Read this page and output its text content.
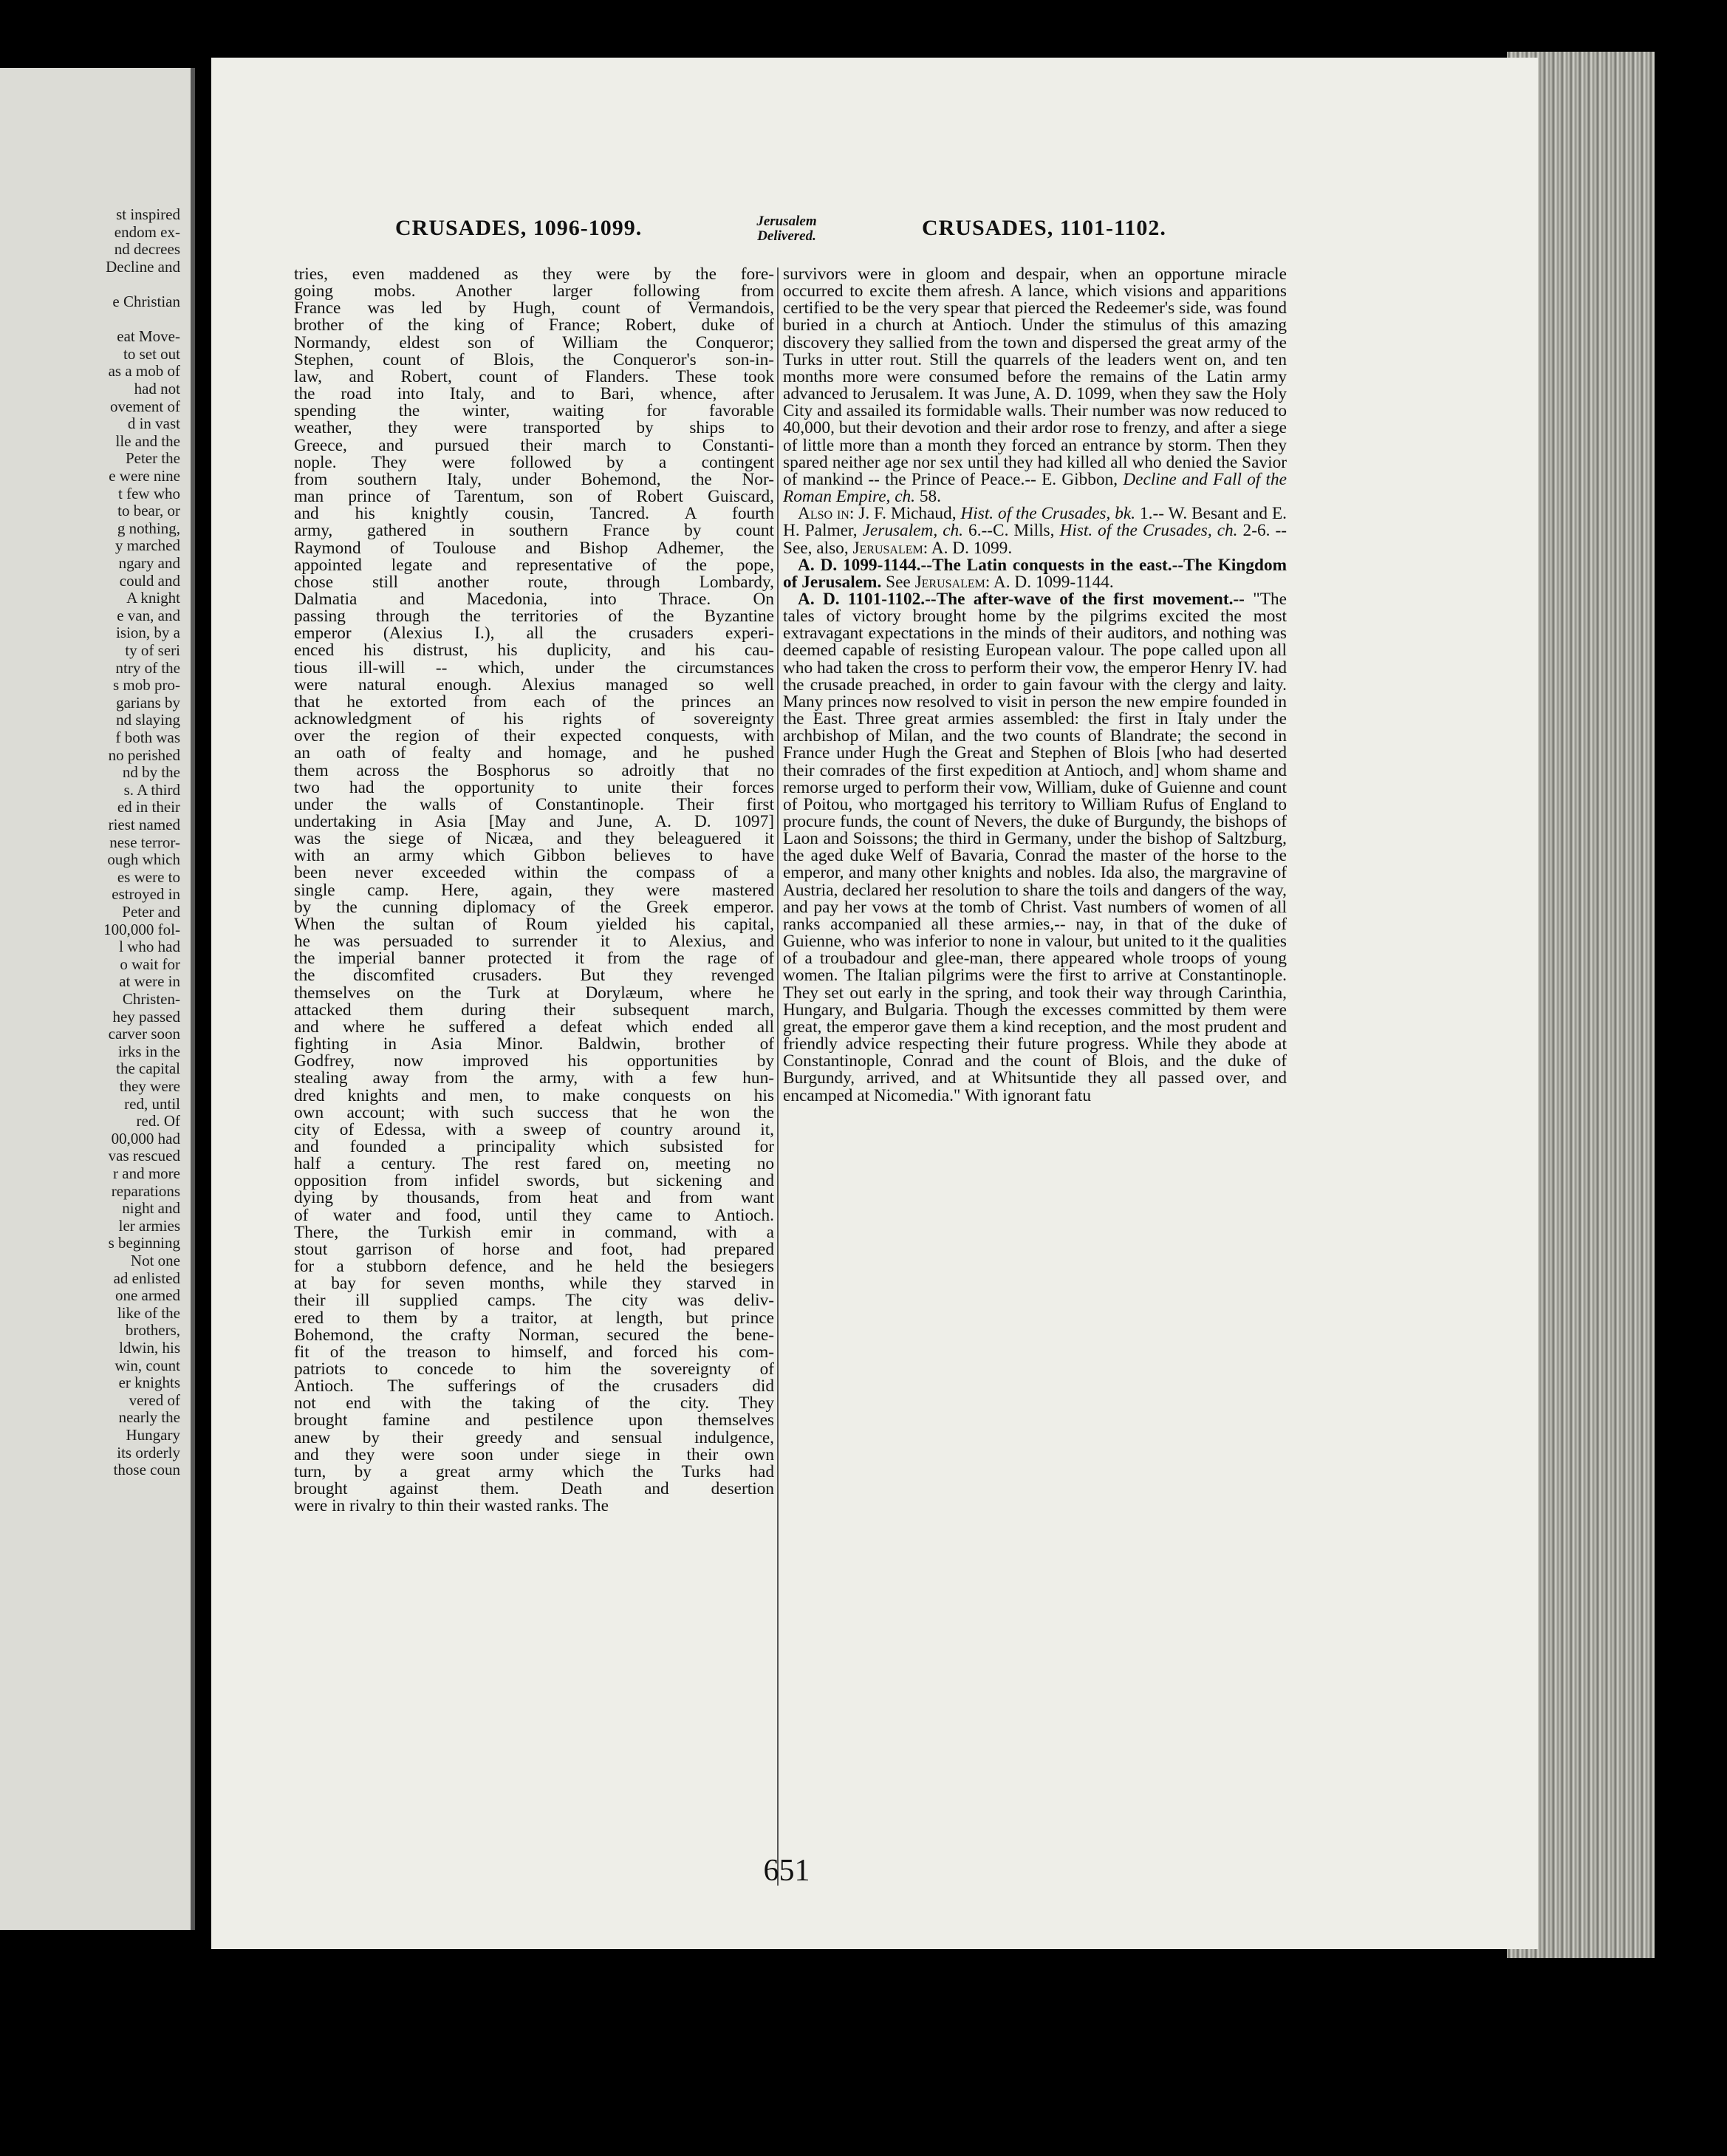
st inspired
endom ex-
nd decrees
Decline and
e Christian
eat Move-
to set out
as a mob of
had not
ovement of
d in vast
lle and the
Peter the
e were nine
t few who
to bear, or
g nothing,
y marched
ngary and
could and
A knight
e van, and
ision, by a
ty of seri
ntry of the
s mob pro-
garians by
nd slaying
f both was
no perished
nd by the
s. A third
ed in their
riest named
nese terror-
ough which
es were to
estroyed in
Peter and
100,000 fol-
l who had
o wait for
at were in
Christen-
hey passed
carver soon
irks in the
the capital
they were
red, until
red. Of
00,000 had
vas rescued
r and more
reparations
night and
ler armies
s beginning
Not one
ad enlisted
one armed
like of the
brothers,
ldwin, his
win, count
er knights
vered of
nearly the
Hungary
its orderly
those coun
CRUSADES, 1096-1099.	Jerusalem
Delivered.	CRUSADES, 1101-1102.
tries, even maddened as they were by the fore-
going mobs. Another larger following from
France was led by Hugh, count of Vermandois,
brother of the king of France; Robert, duke of
Normandy, eldest son of William the Conqueror;
Stephen, count of Blois, the Conqueror's son-in-
law, and Robert, count of Flanders. These took
the road into Italy, and to Bari, whence, after
spending the winter, waiting for favorable
weather, they were transported by ships to
Greece, and pursued their march to Constanti-
nople. They were followed by a contingent
from southern Italy, under Bohemond, the Nor-
man prince of Tarentum, son of Robert Guiscard,
and his knightly cousin, Tancred. A fourth
army, gathered in southern France by count
Raymond of Toulouse and Bishop Adhemer, the
appointed legate and representative of the pope,
chose still another route, through Lombardy,
Dalmatia and Macedonia, into Thrace. On
passing through the territories of the Byzantine
emperor (Alexius I.), all the crusaders experi-
enced his distrust, his duplicity, and his cau-
tious ill-will -- which, under the circumstances
were natural enough. Alexius managed so well
that he extorted from each of the princes an
acknowledgment of his rights of sovereignty
over the region of their expected conquests, with
an oath of fealty and homage, and he pushed
them across the Bosphorus so adroitly that no
two had the opportunity to unite their forces
under the walls of Constantinople. Their first
undertaking in Asia [May and June, A. D. 1097]
was the siege of Nicæa, and they beleaguered it
with an army which Gibbon believes to have
been never exceeded within the compass of a
single camp. Here, again, they were mastered
by the cunning diplomacy of the Greek emperor.
When the sultan of Roum yielded his capital,
he was persuaded to surrender it to Alexius, and
the imperial banner protected it from the rage of
the discomfited crusaders. But they revenged
themselves on the Turk at Dorylæum, where he
attacked them during their subsequent march,
and where he suffered a defeat which ended all
fighting in Asia Minor. Baldwin, brother of
Godfrey, now improved his opportunities by
stealing away from the army, with a few hun-
dred knights and men, to make conquests on his
own account; with such success that he won the
city of Edessa, with a sweep of country around it,
and founded a principality which subsisted for
half a century. The rest fared on, meeting no
opposition from infidel swords, but sickening and
dying by thousands, from heat and from want
of water and food, until they came to Antioch.
There, the Turkish emir in command, with a
stout garrison of horse and foot, had prepared
for a stubborn defence, and he held the besiegers
at bay for seven months, while they starved in
their ill supplied camps. The city was deliv-
ered to them by a traitor, at length, but prince
Bohemond, the crafty Norman, secured the bene-
fit of the treason to himself, and forced his com-
patriots to concede to him the sovereignty of
Antioch. The sufferings of the crusaders did
not end with the taking of the city. They
brought famine and pestilence upon themselves
anew by their greedy and sensual indulgence,
and they were soon under siege in their own
turn, by a great army which the Turks had
brought against them. Death and desertion
were in rivalry to thin their wasted ranks. The

survivors were in gloom and despair, when an opportune miracle occurred to excite them afresh. A lance, which visions and apparitions certified to be the very spear that pierced the Redeemer's side, was found buried in a church at Antioch. Under the stimulus of this amazing discovery they sallied from the town and dispersed the great army of the Turks in utter rout. Still the quarrels of the leaders went on, and ten months more were consumed before the remains of the Latin army advanced to Jerusalem. It was June, A. D. 1099, when they saw the Holy City and assailed its formidable walls. Their number was now reduced to 40,000, but their devotion and their ardor rose to frenzy, and after a siege of little more than a month they forced an entrance by storm. Then they spared neither age nor sex until they had killed all who denied the Savior of mankind -- the Prince of Peace.-- E. Gibbon, Decline and Fall of the Roman Empire, ch. 58.

Also in: J. F. Michaud, Hist. of the Crusades, bk. 1.-- W. Besant and E. H. Palmer, Jerusalem, ch. 6.--C. Mills, Hist. of the Crusades, ch. 2-6. -- See, also, Jerusalem: A. D. 1099.

A. D. 1099-1144.--The Latin conquests in the east.--The Kingdom of Jerusalem. See Jerusalem: A. D. 1099-1144.

A. D. 1101-1102.--The after-wave of the first movement.-- "The tales of victory brought home by the pilgrims excited the most extravagant expectations in the minds of their auditors, and nothing was deemed capable of resisting European valour. The pope called upon all who had taken the cross to perform their vow, the emperor Henry IV. had the crusade preached, in order to gain favour with the clergy and laity. Many princes now resolved to visit in person the new empire founded in the East. Three great armies assembled: the first in Italy under the archbishop of Milan, and the two counts of Blandrate; the second in France under Hugh the Great and Stephen of Blois [who had deserted their comrades of the first expedition at Antioch, and] whom shame and remorse urged to perform their vow, William, duke of Guienne and count of Poitou, who mortgaged his territory to William Rufus of England to procure funds, the count of Nevers, the duke of Burgundy, the bishops of Laon and Soissons; the third in Germany, under the bishop of Saltzburg, the aged duke Welf of Bavaria, Conrad the master of the horse to the emperor, and many other knights and nobles. Ida also, the margravine of Austria, declared her resolution to share the toils and dangers of the way, and pay her vows at the tomb of Christ. Vast numbers of women of all ranks accompanied all these armies,-- nay, in that of the duke of Guienne, who was inferior to none in valour, but united to it the qualities of a troubadour and glee-man, there appeared whole troops of young women. The Italian pilgrims were the first to arrive at Constantinople. They set out early in the spring, and took their way through Carinthia, Hungary, and Bulgaria. Though the excesses committed by them were great, the emperor gave them a kind reception, and the most prudent and friendly advice respecting their future progress. While they abode at Constantinople, Conrad and the count of Blois, and the duke of Burgundy, arrived, and at Whitsuntide they all passed over, and encamped at Nicomedia." With ignorant fatu

651
